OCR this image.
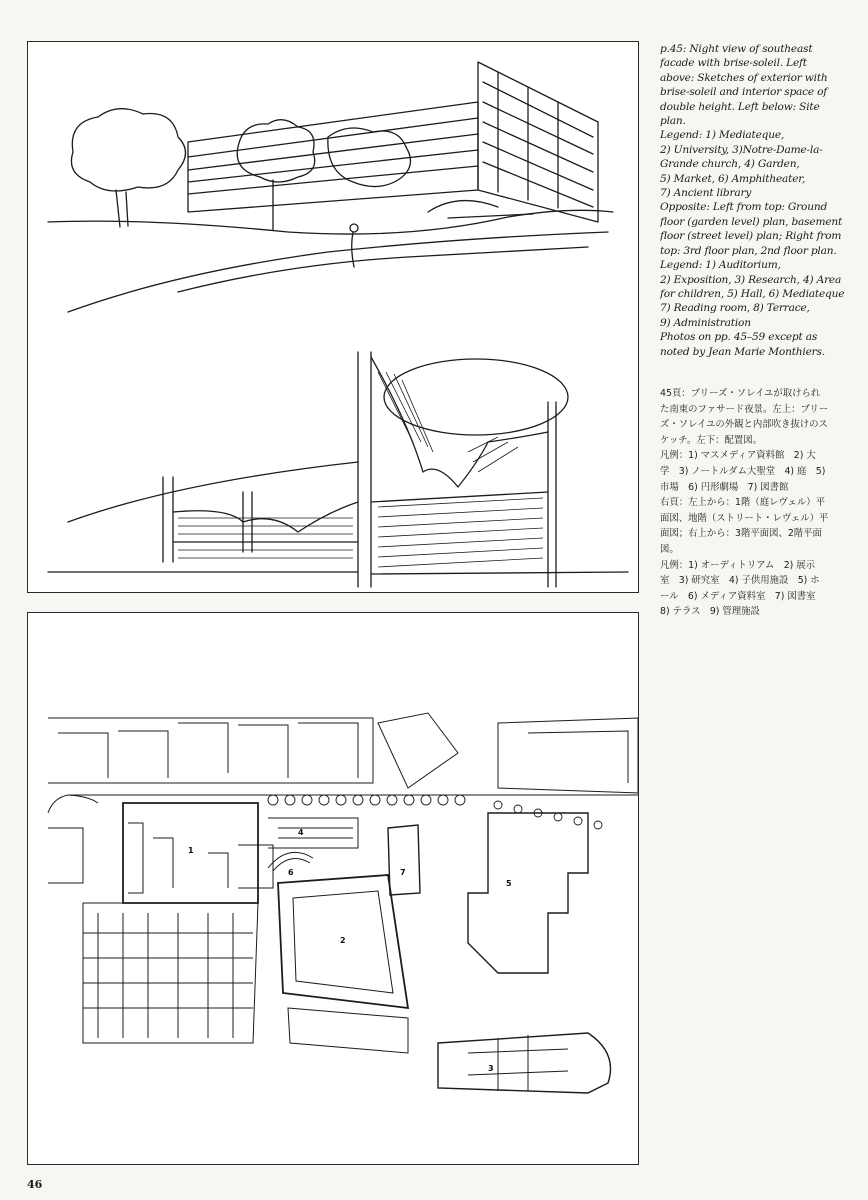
1
2
3
4
5
6	7
p.45: Night view of southeast
facade with brise-soleil. Left
above: Sketches of exterior with
brise-soleil and interior space of
double height. Left below: Site
plan.
Legend: 1) Mediateque,
2) University, 3)Notre-Dame-la-
Grande church, 4) Garden,
5) Market, 6) Amphitheater,
7) Ancient library
Opposite: Left from top: Ground
floor (garden level) plan, basement
floor (street level) plan; Right from
top: 3rd floor plan, 2nd floor plan.
Legend: 1) Auditorium,
2) Exposition, 3) Research, 4) Area
for children, 5) Hall, 6) Mediateque
7) Reading room, 8) Terrace,
9) Administration
Photos on pp. 45–59 except as
noted by Jean Marie Monthiers.
45頁：ブリーズ・ソレイユが取けられ
た南東のファサード夜景。左上：ブリー
ズ・ソレイユの外観と内部吹き抜けのス
ケッチ。左下：配置図。
凡例：1) マスメディア資料館　2) 大
学　3) ノートルダム大聖堂　4) 庭　5)
市場　6) 円形劇場　7) 図書館
右頁：左上から：1階（庭レヴェル）平
面図、地階（ストリート・レヴェル）平
面図；右上から：3階平面図、2階平面
図。
凡例：1) オーディトリアム　2) 展示
室　3) 研究室　4) 子供用施設　5) ホ
ール　6) メディア資料室　7) 図書室
8) テラス　9) 管理施設
46
